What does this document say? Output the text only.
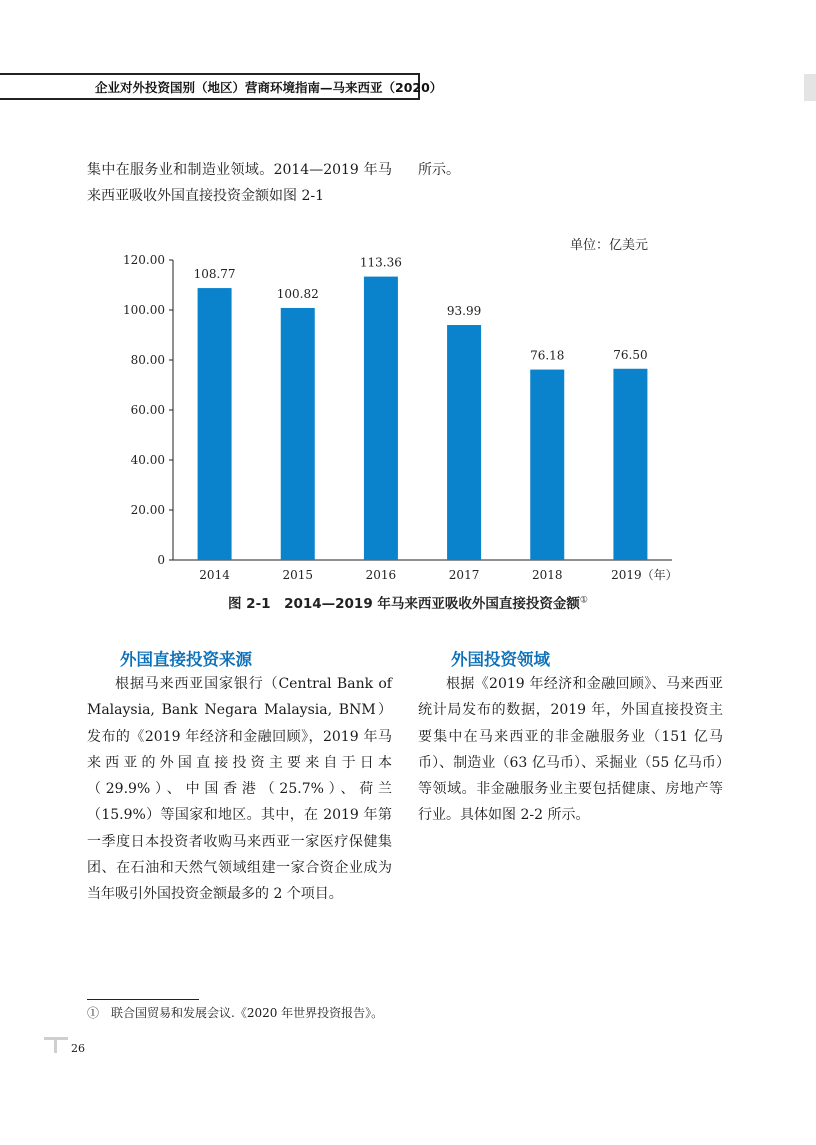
企业对外投资国别（地区）营商环境指南—马来西亚（2020）
集中在服务业和制造业领域。2014—2019 年马来西亚吸收外国直接投资金额如图 2-1
所示。
单位：亿美元
0
20.00
40.00
60.00
80.00
100.00
120.00
108.77
2014
100.82
2015
113.36
2016
93.99
2017
76.18
2018
76.50
2019（年）
图 2-1　2014—2019 年马来西亚吸收外国直接投资金额①
外国直接投资来源
根据马来西亚国家银行（Central Bank of Malaysia, Bank Negara Malaysia, BNM）发布的《2019 年经济和金融回顾》，2019 年马来西亚的外国直接投资主要来自于日本（29.9%）、中国香港（25.7%）、荷兰（15.9%）等国家和地区。其中，在 2019 年第一季度日本投资者收购马来西亚一家医疗保健集团、在石油和天然气领域组建一家合资企业成为当年吸引外国投资金额最多的 2 个项目。
外国投资领域
根据《2019 年经济和金融回顾》、马来西亚统计局发布的数据，2019 年，外国直接投资主要集中在马来西亚的非金融服务业（151 亿马币）、制造业（63 亿马币）、采掘业（55 亿马币）等领域。非金融服务业主要包括健康、房地产等行业。具体如图 2-2 所示。
①　联合国贸易和发展会议.《2020 年世界投资报告》。
26
